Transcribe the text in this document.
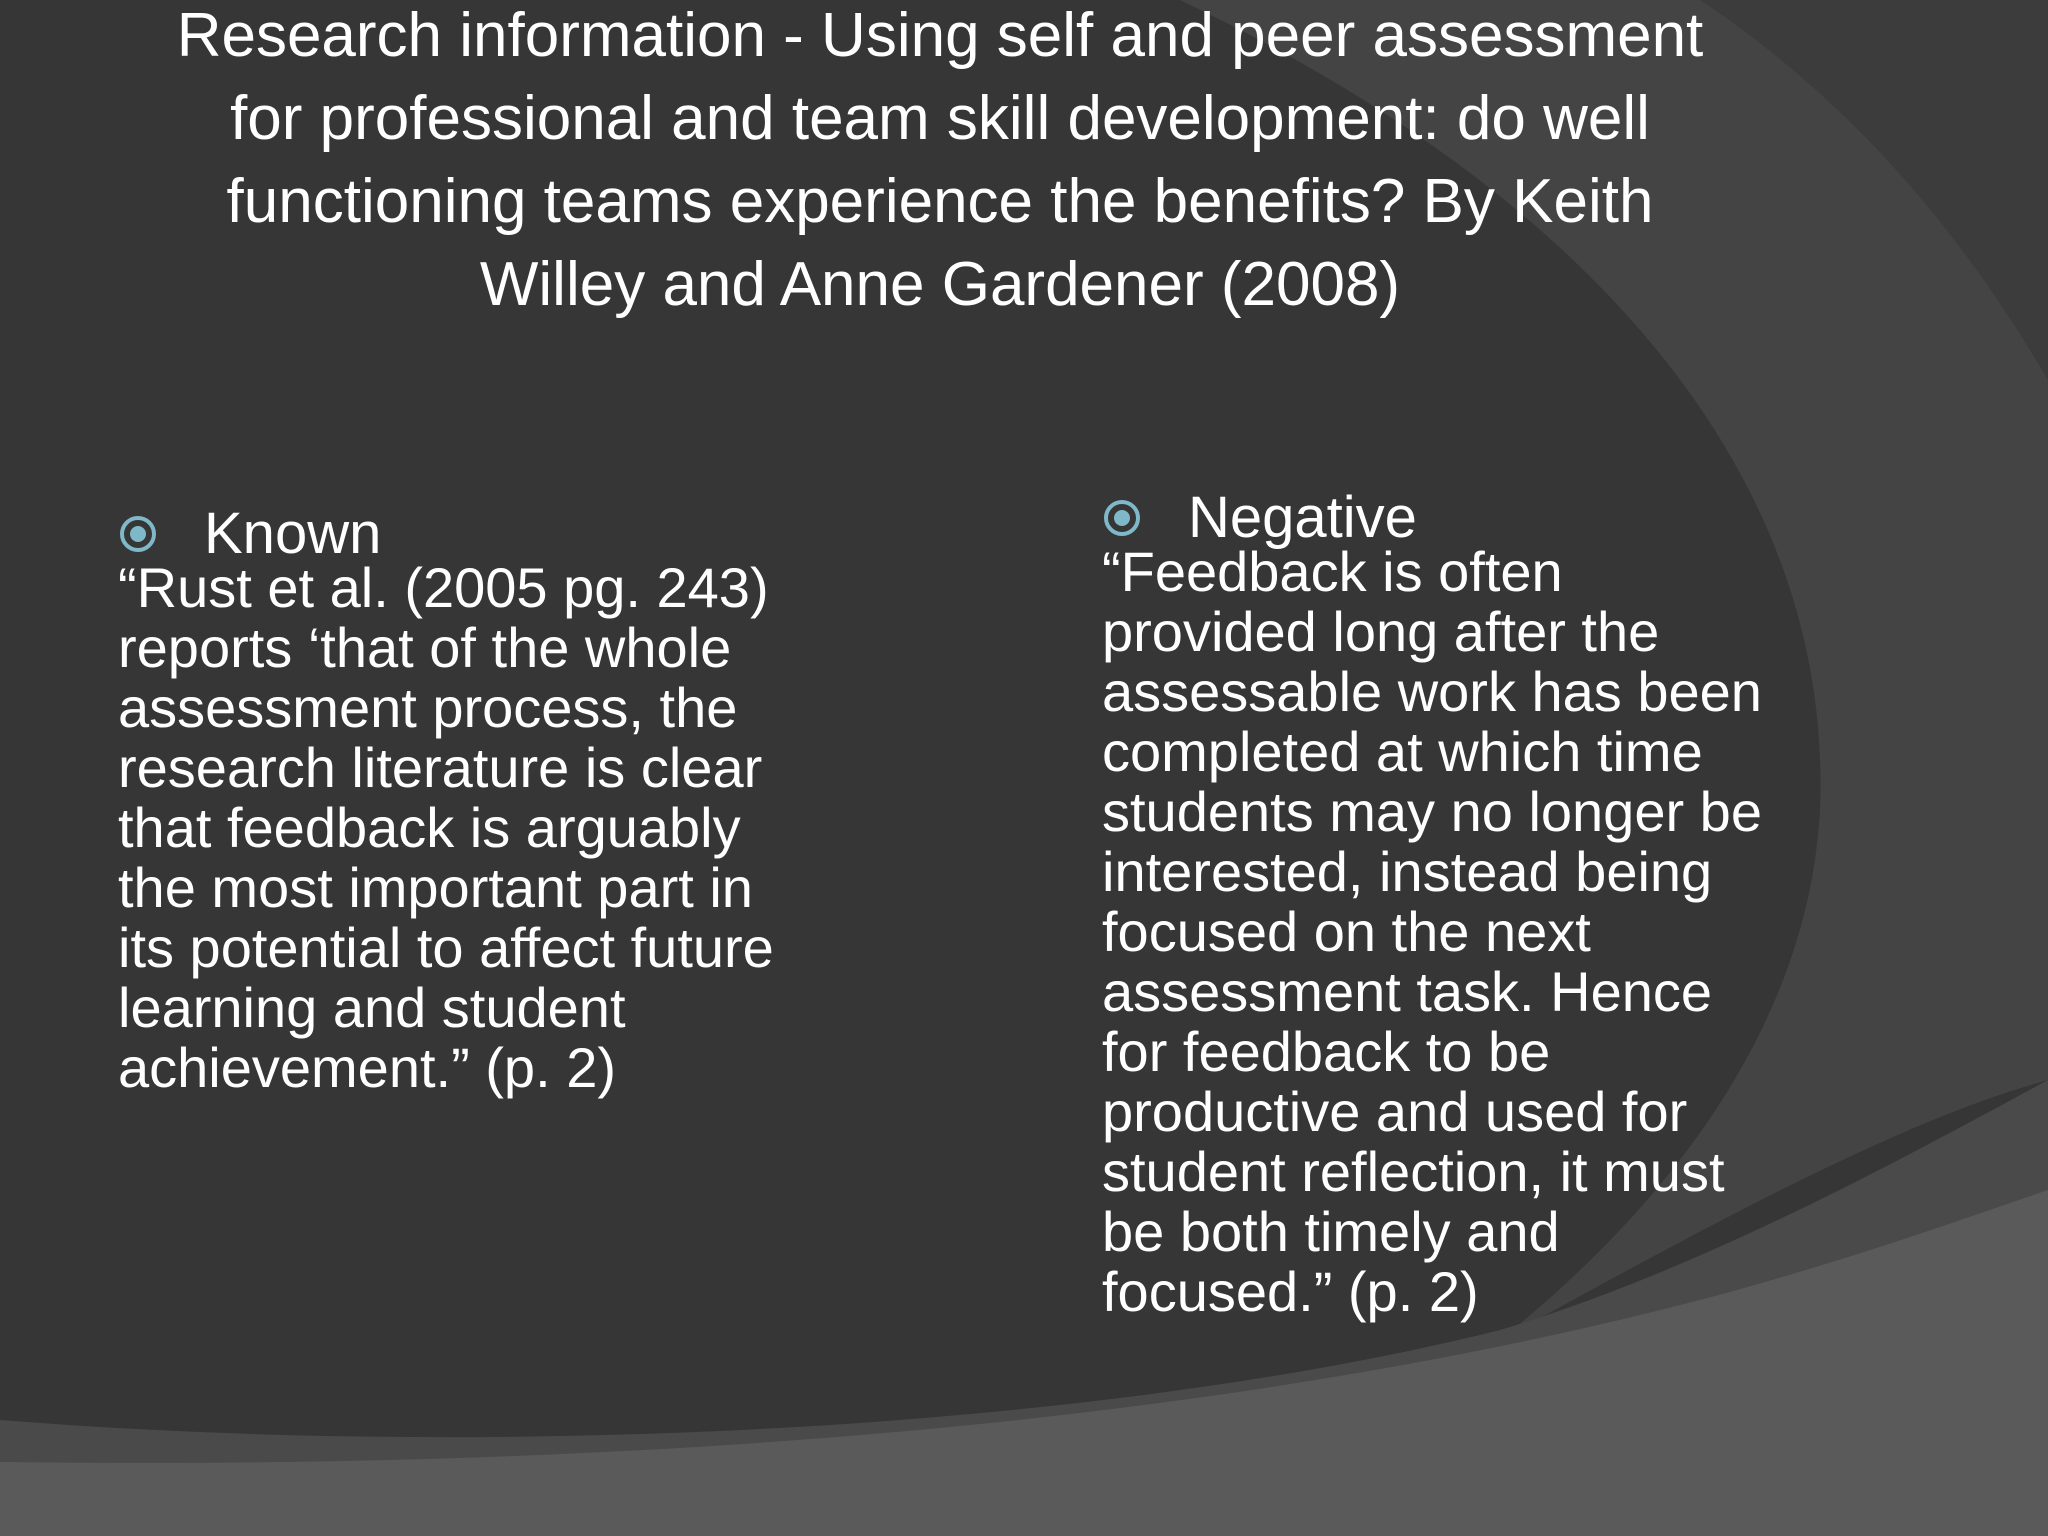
Research information - Using self and peer assessment for professional and team skill development: do well functioning teams experience the benefits? By Keith Willey and Anne Gardener (2008)
Known

“Rust et al. (2005 pg. 243)
reports ‘that of the whole
assessment process, the
research literature is clear
that feedback is arguably
the most important part in
its potential to affect future
learning and student
achievement.” (p. 2)

Negative

“Feedback is often
provided long after the
assessable work has been
completed at which time
students may no longer be
interested, instead being
focused on the next
assessment task. Hence
for feedback to be
productive and used for
student reflection, it must
be both timely and
focused.” (p. 2)
